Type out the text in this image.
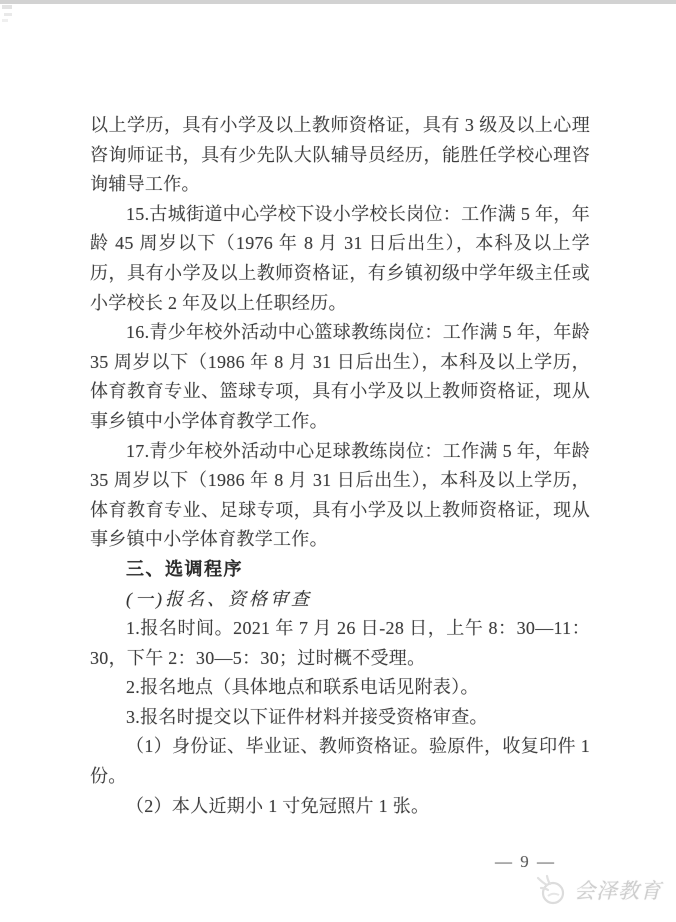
以上学历，具有小学及以上教师资格证，具有 3 级及以上心理咨询师证书，具有少先队大队辅导员经历，能胜任学校心理咨询辅导工作。

15.古城街道中心学校下设小学校长岗位：工作满 5 年，年龄 45 周岁以下（1976 年 8 月 31 日后出生），本科及以上学历，具有小学及以上教师资格证，有乡镇初级中学年级主任或小学校长 2 年及以上任职经历。

16.青少年校外活动中心篮球教练岗位：工作满 5 年，年龄 35 周岁以下（1986 年 8 月 31 日后出生），本科及以上学历，体育教育专业、篮球专项，具有小学及以上教师资格证，现从事乡镇中小学体育教学工作。

17.青少年校外活动中心足球教练岗位：工作满 5 年，年龄 35 周岁以下（1986 年 8 月 31 日后出生），本科及以上学历，体育教育专业、足球专项，具有小学及以上教师资格证，现从事乡镇中小学体育教学工作。

三、选调程序

(一)报名、资格审查

1.报名时间。2021 年 7 月 26 日-28 日，上午 8：30—11：30，下午 2：30—5：30；过时概不受理。

2.报名地点（具体地点和联系电话见附表）。

3.报名时提交以下证件材料并接受资格审查。

（1）身份证、毕业证、教师资格证。验原件，收复印件 1 份。

（2）本人近期小 1 寸免冠照片 1 张。

— 9 —
会泽教育
